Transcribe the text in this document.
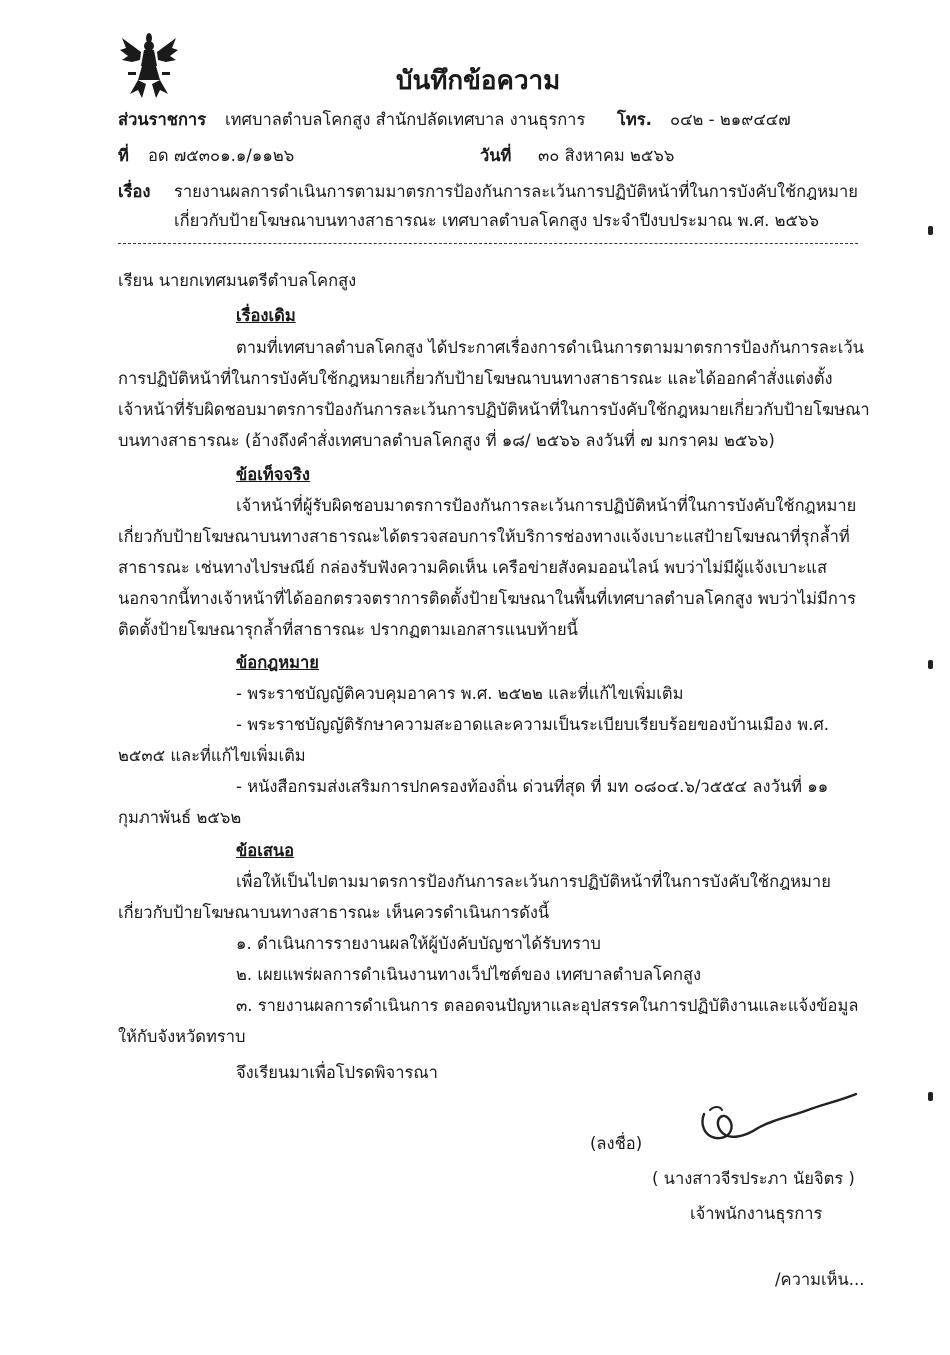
บันทึกข้อความ
ส่วนราชการ เทศบาลตำบลโคกสูง สำนักปลัดเทศบาล งานธุรการ โทร. ๐๔๒ - ๒๑๙๔๔๗
ที่ อด ๗๕๓๐๑.๑/๑๑๒๖	วันที่ ๓๐ สิงหาคม ๒๕๖๖
เรื่อง รายงานผลการดำเนินการตามมาตรการป้องกันการละเว้นการปฏิบัติหน้าที่ในการบังคับใช้กฎหมาย
เกี่ยวกับป้ายโฆษณาบนทางสาธารณะ เทศบาลตำบลโคกสูง ประจำปีงบประมาณ พ.ศ. ๒๕๖๖
เรียน นายกเทศมนตรีตำบลโคกสูง
เรื่องเดิม
ตามที่เทศบาลตำบลโคกสูง ได้ประกาศเรื่องการดำเนินการตามมาตรการป้องกันการละเว้น
การปฏิบัติหน้าที่ในการบังคับใช้กฎหมายเกี่ยวกับป้ายโฆษณาบนทางสาธารณะ และได้ออกคำสั่งแต่งตั้ง
เจ้าหน้าที่รับผิดชอบมาตรการป้องกันการละเว้นการปฏิบัติหน้าที่ในการบังคับใช้กฎหมายเกี่ยวกับป้ายโฆษณา
บนทางสาธารณะ (อ้างถึงคำสั่งเทศบาลตำบลโคกสูง ที่ ๑๘/ ๒๕๖๖ ลงวันที่ ๗ มกราคม ๒๕๖๖)
ข้อเท็จจริง
เจ้าหน้าที่ผู้รับผิดชอบมาตรการป้องกันการละเว้นการปฏิบัติหน้าที่ในการบังคับใช้กฎหมาย
เกี่ยวกับป้ายโฆษณาบนทางสาธารณะได้ตรวจสอบการให้บริการช่องทางแจ้งเบาะแสป้ายโฆษณาที่รุกล้ำที่
สาธารณะ เช่นทางไปรษณีย์ กล่องรับฟังความคิดเห็น เครือข่ายสังคมออนไลน์ พบว่าไม่มีผู้แจ้งเบาะแส
นอกจากนี้ทางเจ้าหน้าที่ได้ออกตรวจตราการติดตั้งป้ายโฆษณาในพื้นที่เทศบาลตำบลโคกสูง พบว่าไม่มีการ
ติดตั้งป้ายโฆษณารุกล้ำที่สาธารณะ ปรากฏตามเอกสารแนบท้ายนี้
ข้อกฎหมาย
- พระราชบัญญัติควบคุมอาคาร พ.ศ. ๒๕๒๒ และที่แก้ไขเพิ่มเติม
- พระราชบัญญัติรักษาความสะอาดและความเป็นระเบียบเรียบร้อยของบ้านเมือง พ.ศ.
๒๕๓๕ และที่แก้ไขเพิ่มเติม
- หนังสือกรมส่งเสริมการปกครองท้องถิ่น ด่วนที่สุด ที่ มท ๐๘๐๔.๖/ว๕๕๔ ลงวันที่ ๑๑
กุมภาพันธ์ ๒๕๖๒
ข้อเสนอ
เพื่อให้เป็นไปตามมาตรการป้องกันการละเว้นการปฏิบัติหน้าที่ในการบังคับใช้กฎหมาย
เกี่ยวกับป้ายโฆษณาบนทางสาธารณะ เห็นควรดำเนินการดังนี้
๑. ดำเนินการรายงานผลให้ผู้บังคับบัญชาได้รับทราบ
๒. เผยแพร่ผลการดำเนินงานทางเว็ปไซต์ของ เทศบาลตำบลโคกสูง
๓. รายงานผลการดำเนินการ ตลอดจนปัญหาและอุปสรรคในการปฏิบัติงานและแจ้งข้อมูล
ให้กับจังหวัดทราบ
จึงเรียนมาเพื่อโปรดพิจารณา
(ลงชื่อ)
( นางสาวจีรประภา นัยจิตร )
เจ้าพนักงานธุรการ
/ความเห็น...
